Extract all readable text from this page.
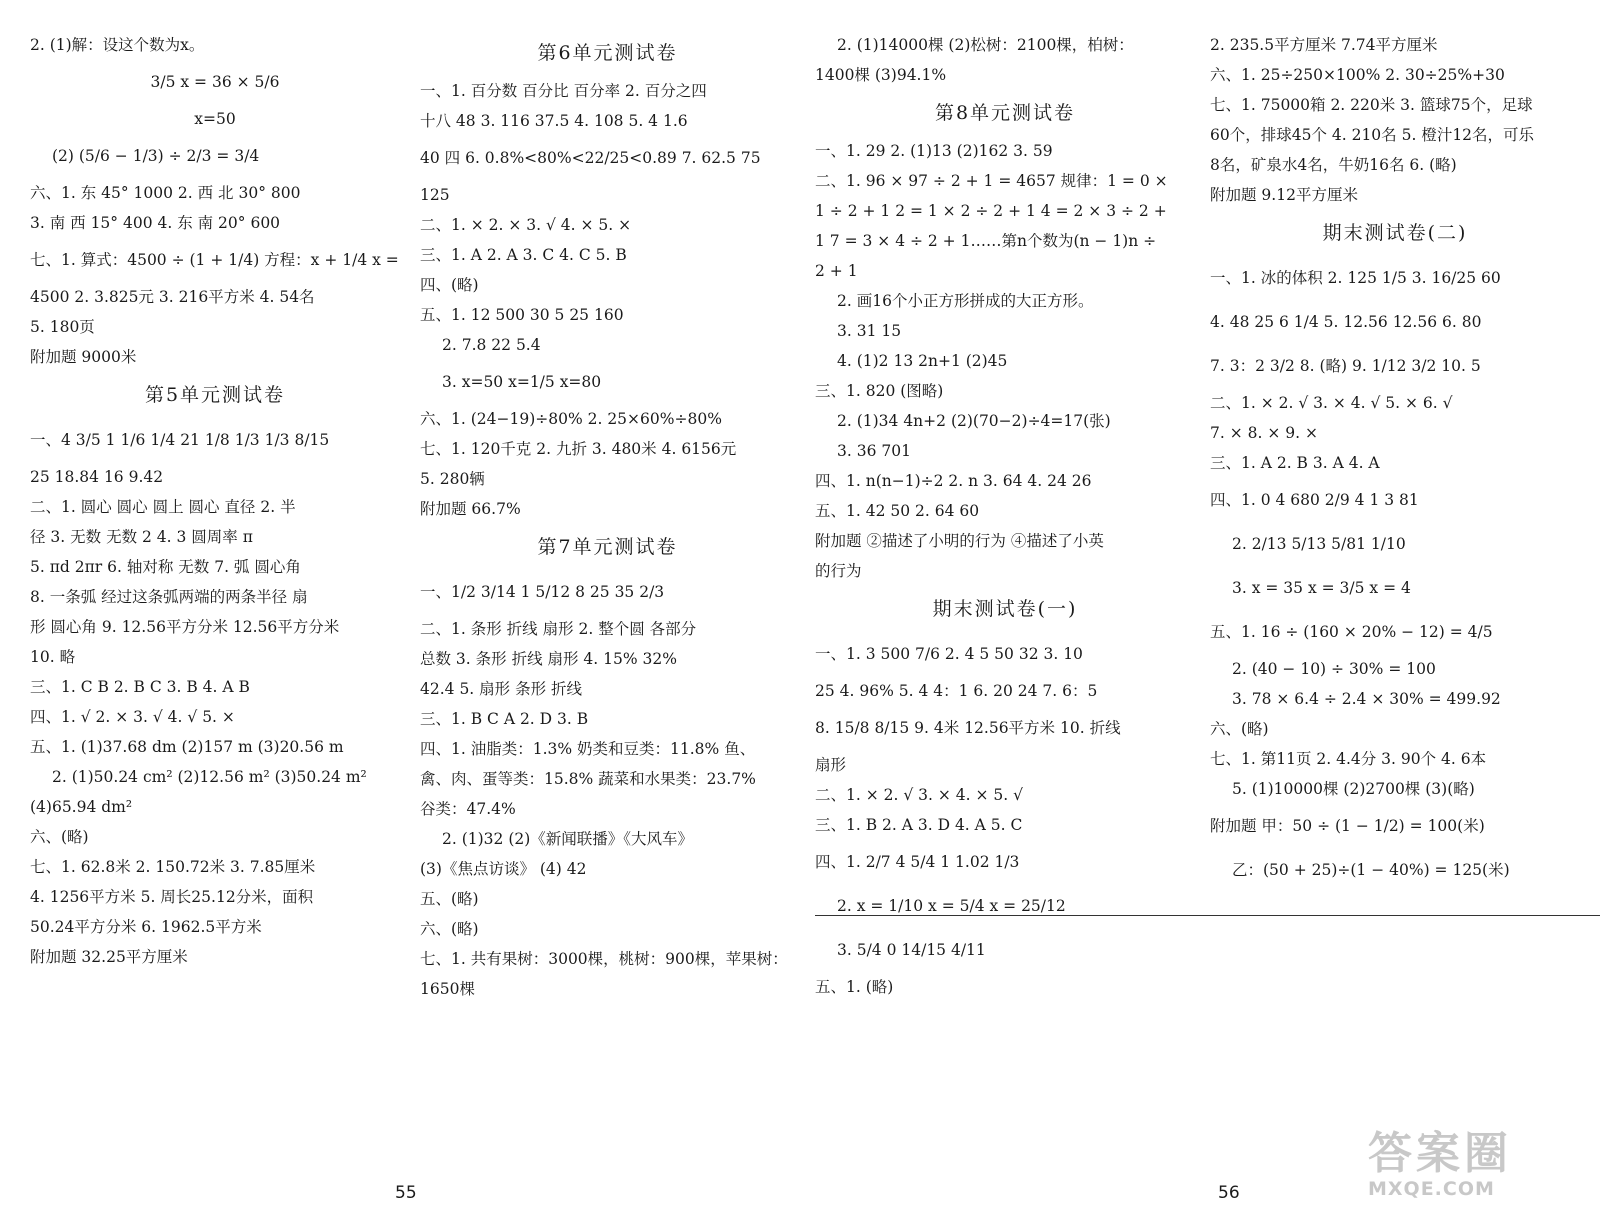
2. (1)解：设这个数为x。
3/5 x = 36 × 5/6
x=50
(2) (5/6 − 1/3) ÷ 2/3 = 3/4
六、1. 东 45° 1000 2. 西 北 30° 800
3. 南 西 15° 400 4. 东 南 20° 600
七、1. 算式：4500 ÷ (1 + 1/4) 方程：x + 1/4 x =
4500 2. 3.825元 3. 216平方米 4. 54名
5. 180页
附加题 9000米
第5单元测试卷
一、4 3/5 1 1/6 1/4 21 1/8 1/3 1/3 8/15
25 18.84 16 9.42
二、1. 圆心 圆心 圆上 圆心 直径 2. 半
径 3. 无数 无数 2 4. 3 圆周率 π
5. πd 2πr 6. 轴对称 无数 7. 弧 圆心角
8. 一条弧 经过这条弧两端的两条半径 扇
形 圆心角 9. 12.56平方分米 12.56平方分米
10. 略
三、1. C B 2. B C 3. B 4. A B
四、1. √ 2. × 3. √ 4. √ 5. ×
五、1. (1)37.68 dm (2)157 m (3)20.56 m
2. (1)50.24 cm² (2)12.56 m² (3)50.24 m²
(4)65.94 dm²
六、(略)
七、1. 62.8米 2. 150.72米 3. 7.85厘米
4. 1256平方米 5. 周长25.12分米，面积
50.24平方分米 6. 1962.5平方米
附加题 32.25平方厘米
第6单元测试卷
一、1. 百分数 百分比 百分率 2. 百分之四
十八 48 3. 116 37.5 4. 108 5. 4 1.6
40 四 6. 0.8%<80%<22/25<0.89 7. 62.5 75
125
二、1. × 2. × 3. √ 4. × 5. ×
三、1. A 2. A 3. C 4. C 5. B
四、(略)
五、1. 12 500 30 5 25 160
2. 7.8 22 5.4
3. x=50 x=1/5 x=80
六、1. (24−19)÷80% 2. 25×60%÷80%
七、1. 120千克 2. 九折 3. 480米 4. 6156元
5. 280辆
附加题 66.7%
第7单元测试卷
一、1/2 3/14 1 5/12 8 25 35 2/3
二、1. 条形 折线 扇形 2. 整个圆 各部分
总数 3. 条形 折线 扇形 4. 15% 32%
42.4 5. 扇形 条形 折线
三、1. B C A 2. D 3. B
四、1. 油脂类：1.3% 奶类和豆类：11.8% 鱼、
禽、肉、蛋等类：15.8% 蔬菜和水果类：23.7%
谷类：47.4%
2. (1)32 (2)《新闻联播》《大风车》
(3)《焦点访谈》 (4) 42
五、(略)
六、(略)
七、1. 共有果树：3000棵，桃树：900棵，苹果树：
1650棵
2. (1)14000棵 (2)松树：2100棵，柏树：
1400棵 (3)94.1%
第8单元测试卷
一、1. 29 2. (1)13 (2)162 3. 59
二、1. 96 × 97 ÷ 2 + 1 = 4657 规律：1 = 0 ×
1 ÷ 2 + 1 2 = 1 × 2 ÷ 2 + 1 4 = 2 × 3 ÷ 2 +
1 7 = 3 × 4 ÷ 2 + 1……第n个数为(n − 1)n ÷
2 + 1
2. 画16个小正方形拼成的大正方形。
3. 31 15
4. (1)2 13 2n+1 (2)45
三、1. 820 (图略)
2. (1)34 4n+2 (2)(70−2)÷4=17(张)
3. 36 701
四、1. n(n−1)÷2 2. n 3. 64 4. 24 26
五、1. 42 50 2. 64 60
附加题 ②描述了小明的行为 ④描述了小英
的行为
期末测试卷(一)
一、1. 3 500 7/6 2. 4 5 50 32 3. 10
25 4. 96% 5. 4 4：1 6. 20 24 7. 6：5
8. 15/8 8/15 9. 4米 12.56平方米 10. 折线
扇形
二、1. × 2. √ 3. × 4. × 5. √
三、1. B 2. A 3. D 4. A 5. C
四、1. 2/7 4 5/4 1 1.02 1/3
2. x = 1/10 x = 5/4 x = 25/12
3. 5/4 0 14/15 4/11
五、1. (略)
2. 235.5平方厘米 7.74平方厘米
六、1. 25÷250×100% 2. 30÷25%+30
七、1. 75000箱 2. 220米 3. 篮球75个，足球
60个，排球45个 4. 210名 5. 橙汁12名，可乐
8名，矿泉水4名，牛奶16名 6. (略)
附加题 9.12平方厘米
期末测试卷(二)
一、1. 冰的体积 2. 125 1/5 3. 16/25 60
4. 48 25 6 1/4 5. 12.56 12.56 6. 80
7. 3：2 3/2 8. (略) 9. 1/12 3/2 10. 5
二、1. × 2. √ 3. × 4. √ 5. × 6. √
7. × 8. × 9. ×
三、1. A 2. B 3. A 4. A
四、1. 0 4 680 2/9 4 1 3 81
2. 2/13 5/13 5/81 1/10
3. x = 35 x = 3/5 x = 4
五、1. 16 ÷ (160 × 20% − 12) = 4/5
2. (40 − 10) ÷ 30% = 100
3. 78 × 6.4 ÷ 2.4 × 30% = 499.92
六、(略)
七、1. 第11页 2. 4.4分 3. 90个 4. 6本
5. (1)10000棵 (2)2700棵 (3)(略)
附加题 甲：50 ÷ (1 − 1/2) = 100(米)
乙：(50 + 25)÷(1 − 40%) = 125(米)
55	56
答案圈
MXQE.COM
